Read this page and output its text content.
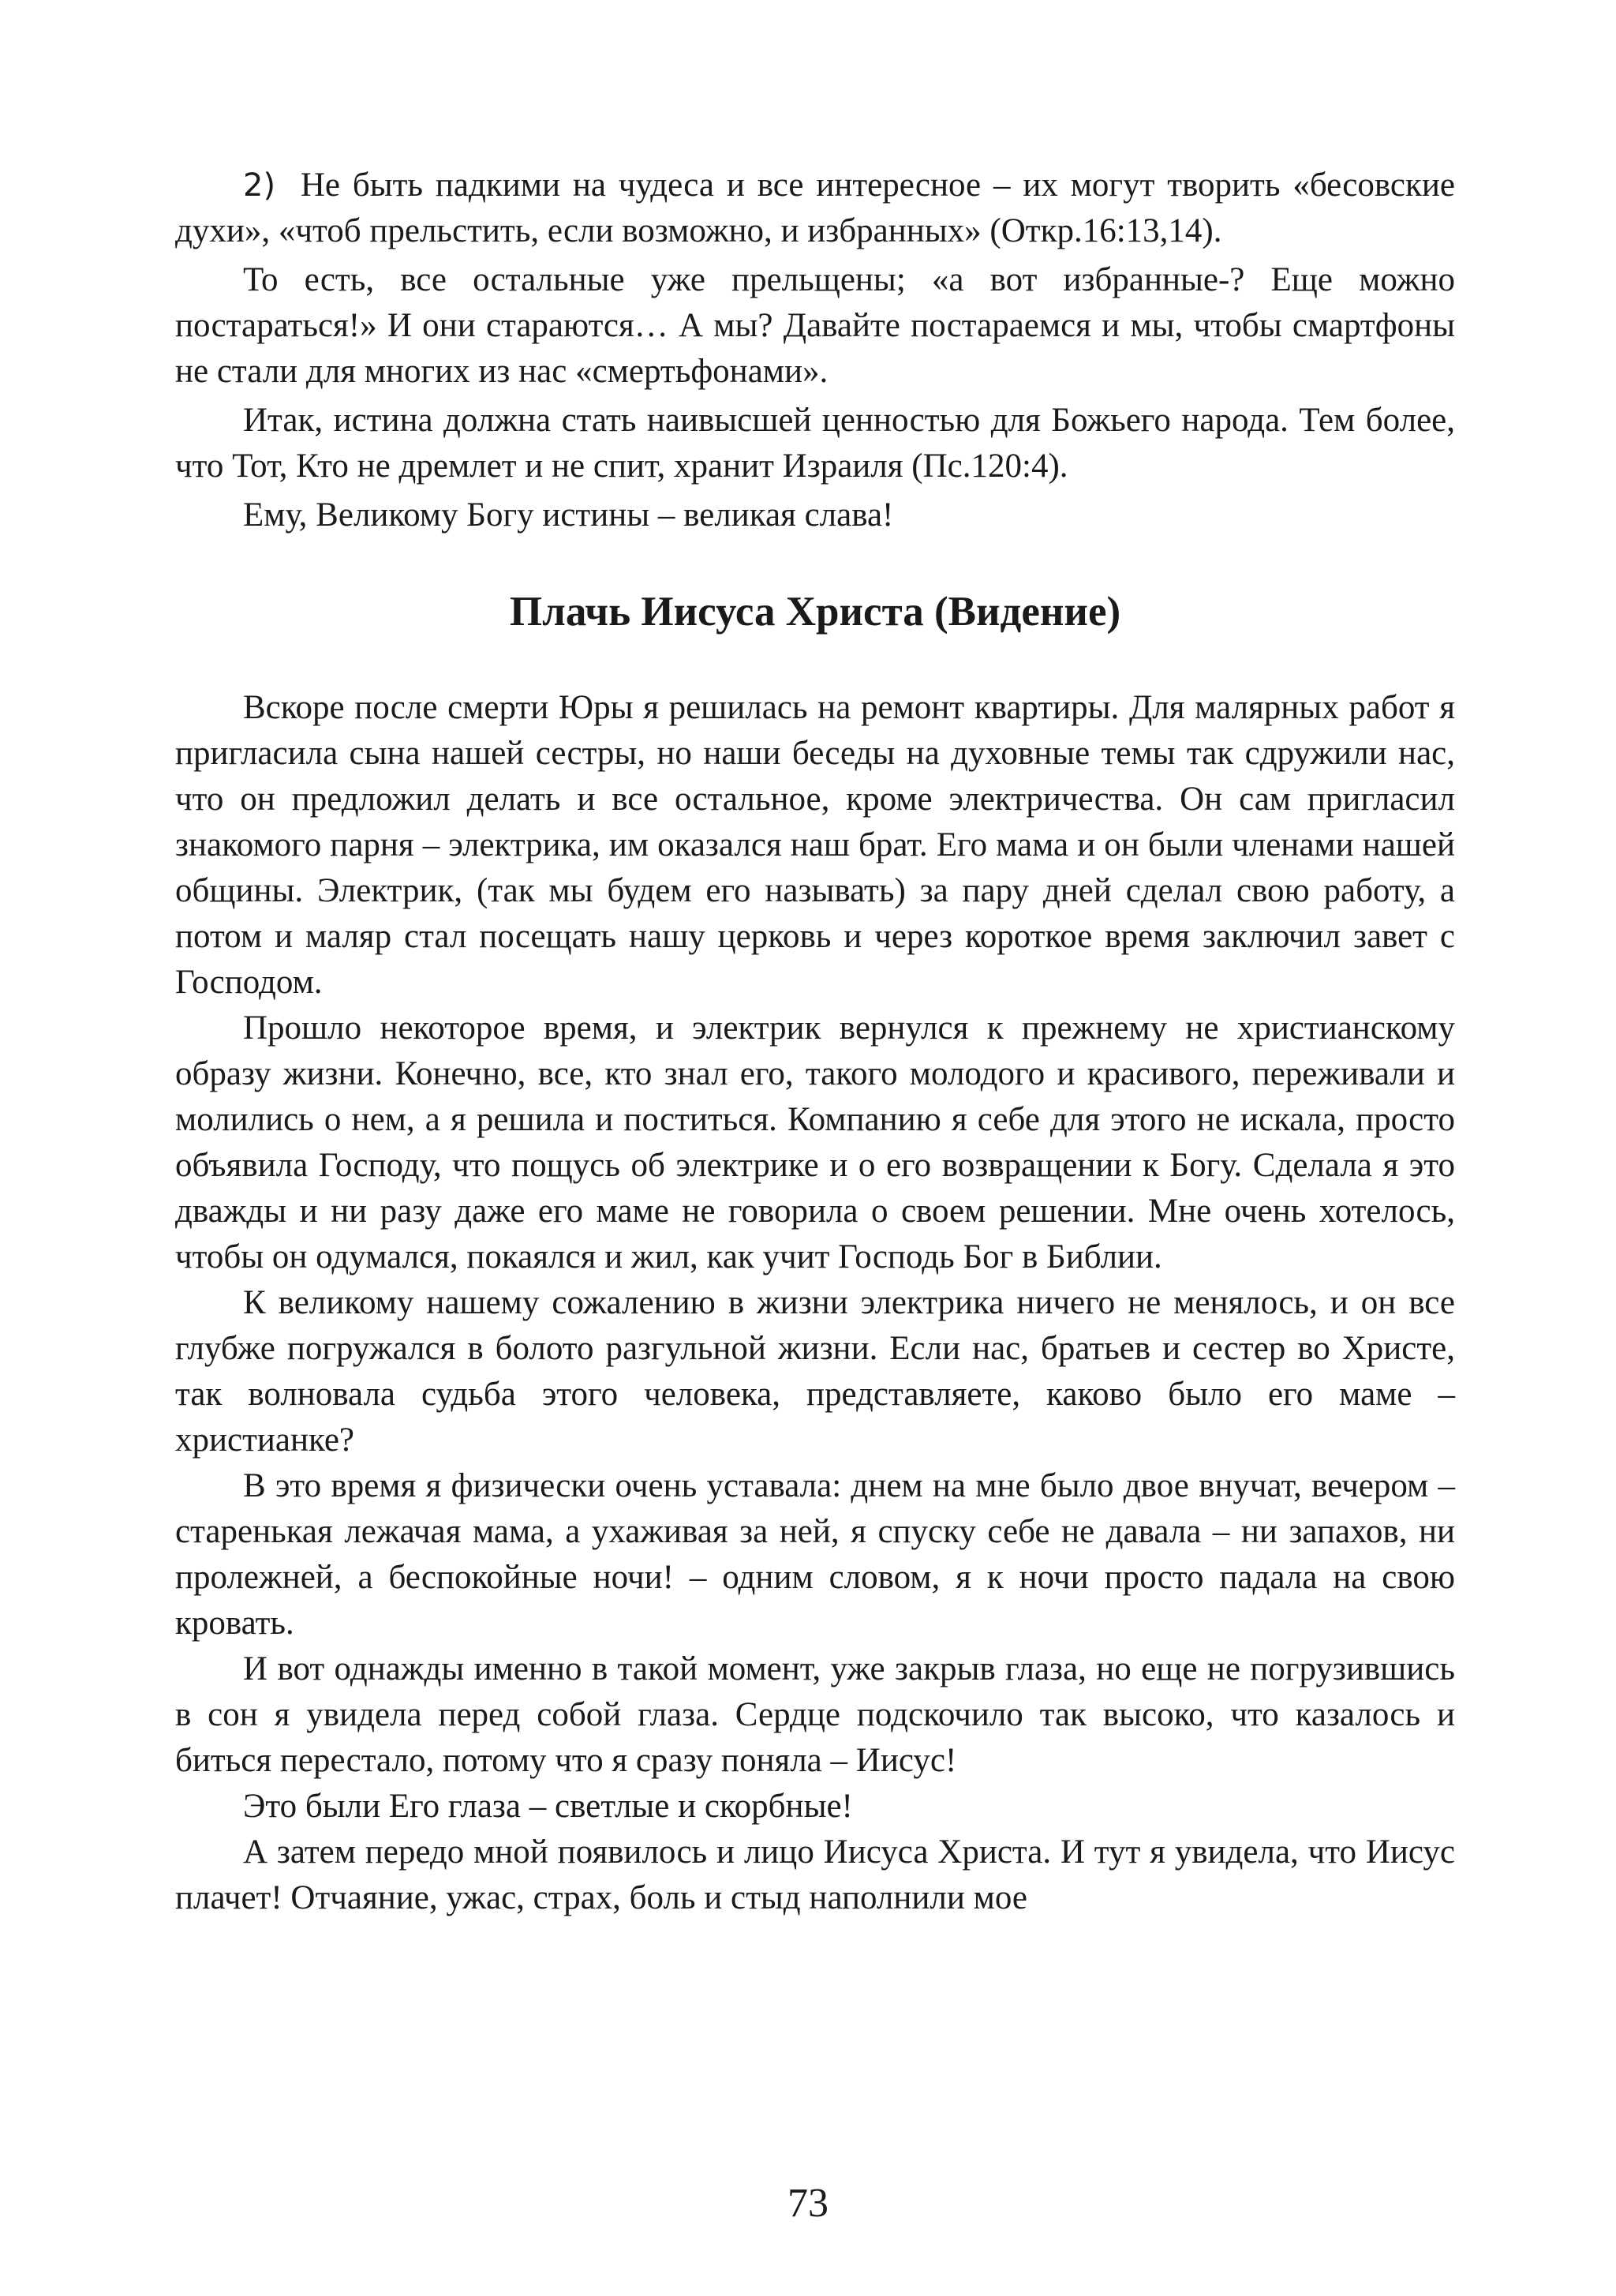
2) Не быть падкими на чудеса и все интересное – их могут творить «бесовские духи», «чтоб прельстить, если возможно, и избранных» (Откр.16:13,14).

То есть, все остальные уже прельщены; «а вот избранные-? Еще можно постараться!» И они стараются… А мы? Давайте постараемся и мы, чтобы смартфоны не стали для многих из нас «смертьфонами».

Итак, истина должна стать наивысшей ценностью для Божьего народа. Тем более, что Тот, Кто не дремлет и не спит, хранит Израиля (Пс.120:4).

Ему, Великому Богу истины – великая слава!

Плачь Иисуса Христа (Видение)

Вскоре после смерти Юры я решилась на ремонт квартиры. Для малярных работ я пригласила сына нашей сестры, но наши беседы на духовные темы так сдружили нас, что он предложил делать и все остальное, кроме электричества. Он сам пригласил знакомого парня – электрика, им оказался наш брат. Его мама и он были членами нашей общины. Электрик, (так мы будем его называть) за пару дней сделал свою работу, а потом и маляр стал посещать нашу церковь и через короткое время заключил завет с Господом.

Прошло некоторое время, и электрик вернулся к прежнему не христианскому образу жизни. Конечно, все, кто знал его, такого молодого и красивого, переживали и молились о нем, а я решила и поститься. Компанию я себе для этого не искала, просто объявила Господу, что пощусь об электрике и о его возвращении к Богу. Сделала я это дважды и ни разу даже его маме не говорила о своем решении. Мне очень хотелось, чтобы он одумался, покаялся и жил, как учит Господь Бог в Библии.

К великому нашему сожалению в жизни электрика ничего не менялось, и он все глубже погружался в болото разгульной жизни. Если нас, братьев и сестер во Христе, так волновала судьба этого человека, представляете, каково было его маме – христианке?

В это время я физически очень уставала: днем на мне было двое внучат, вечером – старенькая лежачая мама, а ухаживая за ней, я спуску себе не давала – ни запахов, ни пролежней, а беспокойные ночи! – одним словом, я к ночи просто падала на свою кровать.

И вот однажды именно в такой момент, уже закрыв глаза, но еще не погрузившись в сон я увидела перед собой глаза. Сердце подскочило так высоко, что казалось и биться перестало, потому что я сразу поняла – Иисус!

Это были Его глаза – светлые и скорбные!

А затем передо мной появилось и лицо Иисуса Христа. И тут я увидела, что Иисус плачет! Отчаяние, ужас, страх, боль и стыд наполнили мое

73
